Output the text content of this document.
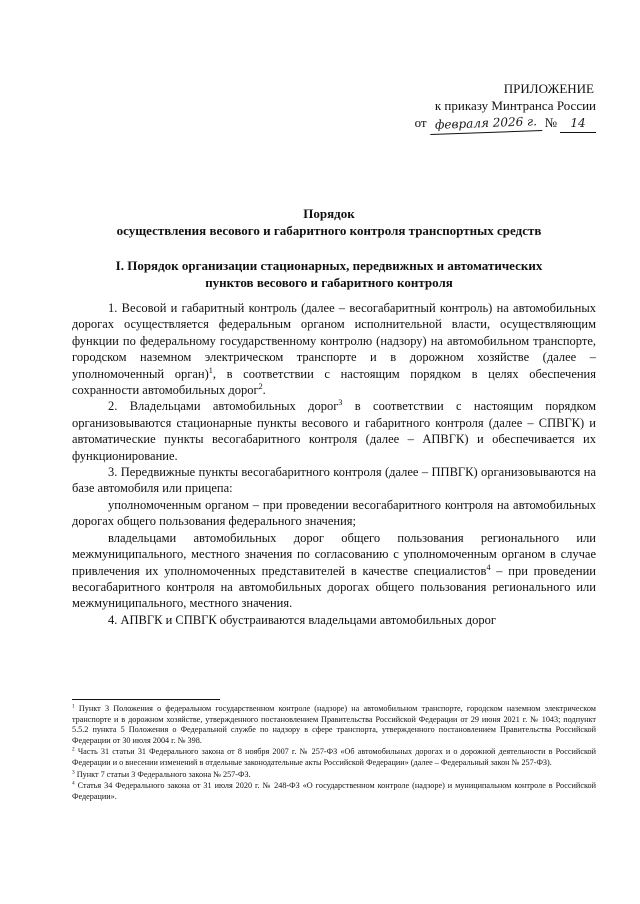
ПРИЛОЖЕНИЕ
к приказу Минтранса России
от февраля 2026 г. №	14
Порядок
осуществления весового и габаритного контроля транспортных средств
I. Порядок организации стационарных, передвижных и автоматических
пунктов весового и габаритного контроля

1. Весовой и габаритный контроль (далее – весогабаритный контроль) на автомобильных дорогах осуществляется федеральным органом исполнительной власти, осуществляющим функции по федеральному государственному контролю (надзору) на автомобильном транспорте, городском наземном электрическом транспорте и в дорожном хозяйстве (далее – уполномоченный орган)$^1$, в соответствии с настоящим порядком в целях обеспечения сохранности автомобильных дорог$^2$.

2. Владельцами автомобильных дорог$^3$ в соответствии с настоящим порядком организовываются стационарные пункты весового и габаритного контроля (далее – СПВГК) и автоматические пункты весогабаритного контроля (далее – АПВГК) и обеспечивается их функционирование.

3. Передвижные пункты весогабаритного контроля (далее – ППВГК) организовываются на базе автомобиля или прицепа:

уполномоченным органом – при проведении весогабаритного контроля на автомобильных дорогах общего пользования федерального значения;

владельцами автомобильных дорог общего пользования регионального или межмуниципального, местного значения по согласованию с уполномоченным органом в случае привлечения их уполномоченных представителей в качестве специалистов$^4$ – при проведении весогабаритного контроля на автомобильных дорогах общего пользования регионального или межмуниципального, местного значения.

4. АПВГК и СПВГК обустраиваются владельцами автомобильных дорог

$^1$ Пункт 3 Положения о федеральном государственном контроле (надзоре) на автомобильном транспорте, городском наземном электрическом транспорте и в дорожном хозяйстве, утвержденного постановлением Правительства Российской Федерации от 29 июня 2021 г. № 1043; подпункт 5.5.2 пункта 5 Положения о Федеральной службе по надзору в сфере транспорта, утвержденного постановлением Правительства Российской Федерации от 30 июля 2004 г. № 398.

$^2$ Часть 31 статьи 31 Федерального закона от 8 ноября 2007 г. № 257-ФЗ «Об автомобильных дорогах и о дорожной деятельности в Российской Федерации и о внесении изменений в отдельные законодательные акты Российской Федерации» (далее – Федеральный закон № 257-ФЗ).

$^3$ Пункт 7 статьи 3 Федерального закона № 257-ФЗ.

$^4$ Статья 34 Федерального закона от 31 июля 2020 г. № 248-ФЗ «О государственном контроле (надзоре) и муниципальном контроле в Российской Федерации».
